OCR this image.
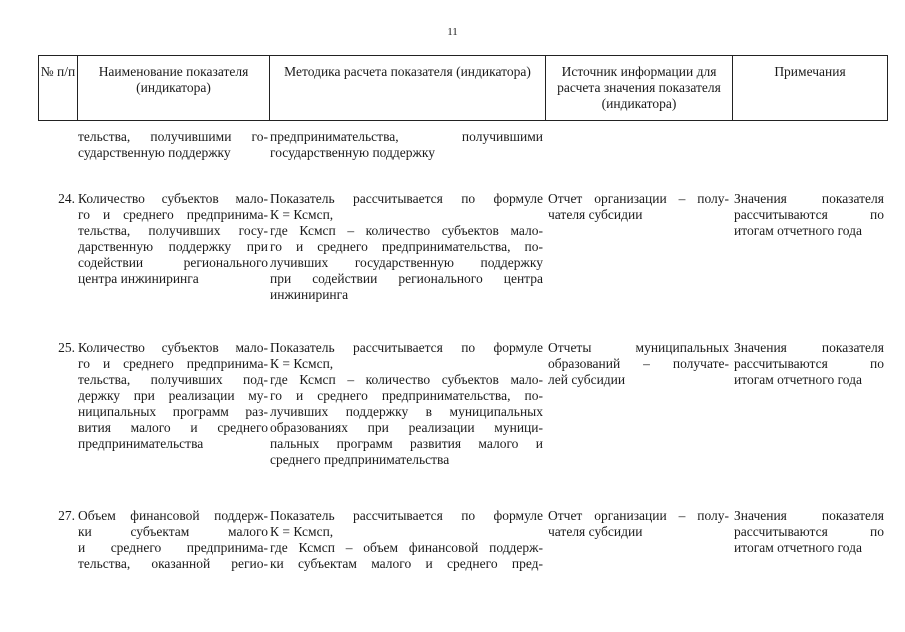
11
№ п/п	Наименование показателя (индикатора)
Методика расчета показателя (индикатора)	Источник информации для расчета значения показателя (индикатора)
Примечания
тельства, получившими го-
сударственную поддержку
предпринимательства, получившими
государственную поддержку
24. Количество субъектов мало-
го и среднего предпринима-
тельства, получивших госу-
дарственную поддержку при
содействии регионального
центра инжиниринга
Показатель рассчитывается по формуле
К = Ксмсп,
где Ксмсп – количество субъектов мало-
го и среднего предпринимательства, по-
лучивших государственную поддержку
при содействии регионального центра
инжиниринга
Отчет организации – полу-
чателя субсидии
Значения показателя
рассчитываются по
итогам отчетного года
25. Количество субъектов мало-
го и среднего предпринима-
тельства, получивших под-
держку при реализации му-
ниципальных программ раз-
вития малого и среднего
предпринимательства
Показатель рассчитывается по формуле
К = Ксмсп,
где Ксмсп – количество субъектов мало-
го и среднего предпринимательства, по-
лучивших поддержку в муниципальных
образованиях при реализации муници-
пальных программ развития малого и
среднего предпринимательства
Отчеты муниципальных
образований – получате-
лей субсидии
Значения показателя
рассчитываются по
итогам отчетного года
27. Объем финансовой поддерж-
ки субъектам малого
и среднего предпринима-
тельства, оказанной регио-
Показатель рассчитывается по формуле
К = Ксмсп,
где Ксмсп – объем финансовой поддерж-
ки субъектам малого и среднего пред-
Отчет организации – полу-
чателя субсидии
Значения показателя
рассчитываются по
итогам отчетного года
